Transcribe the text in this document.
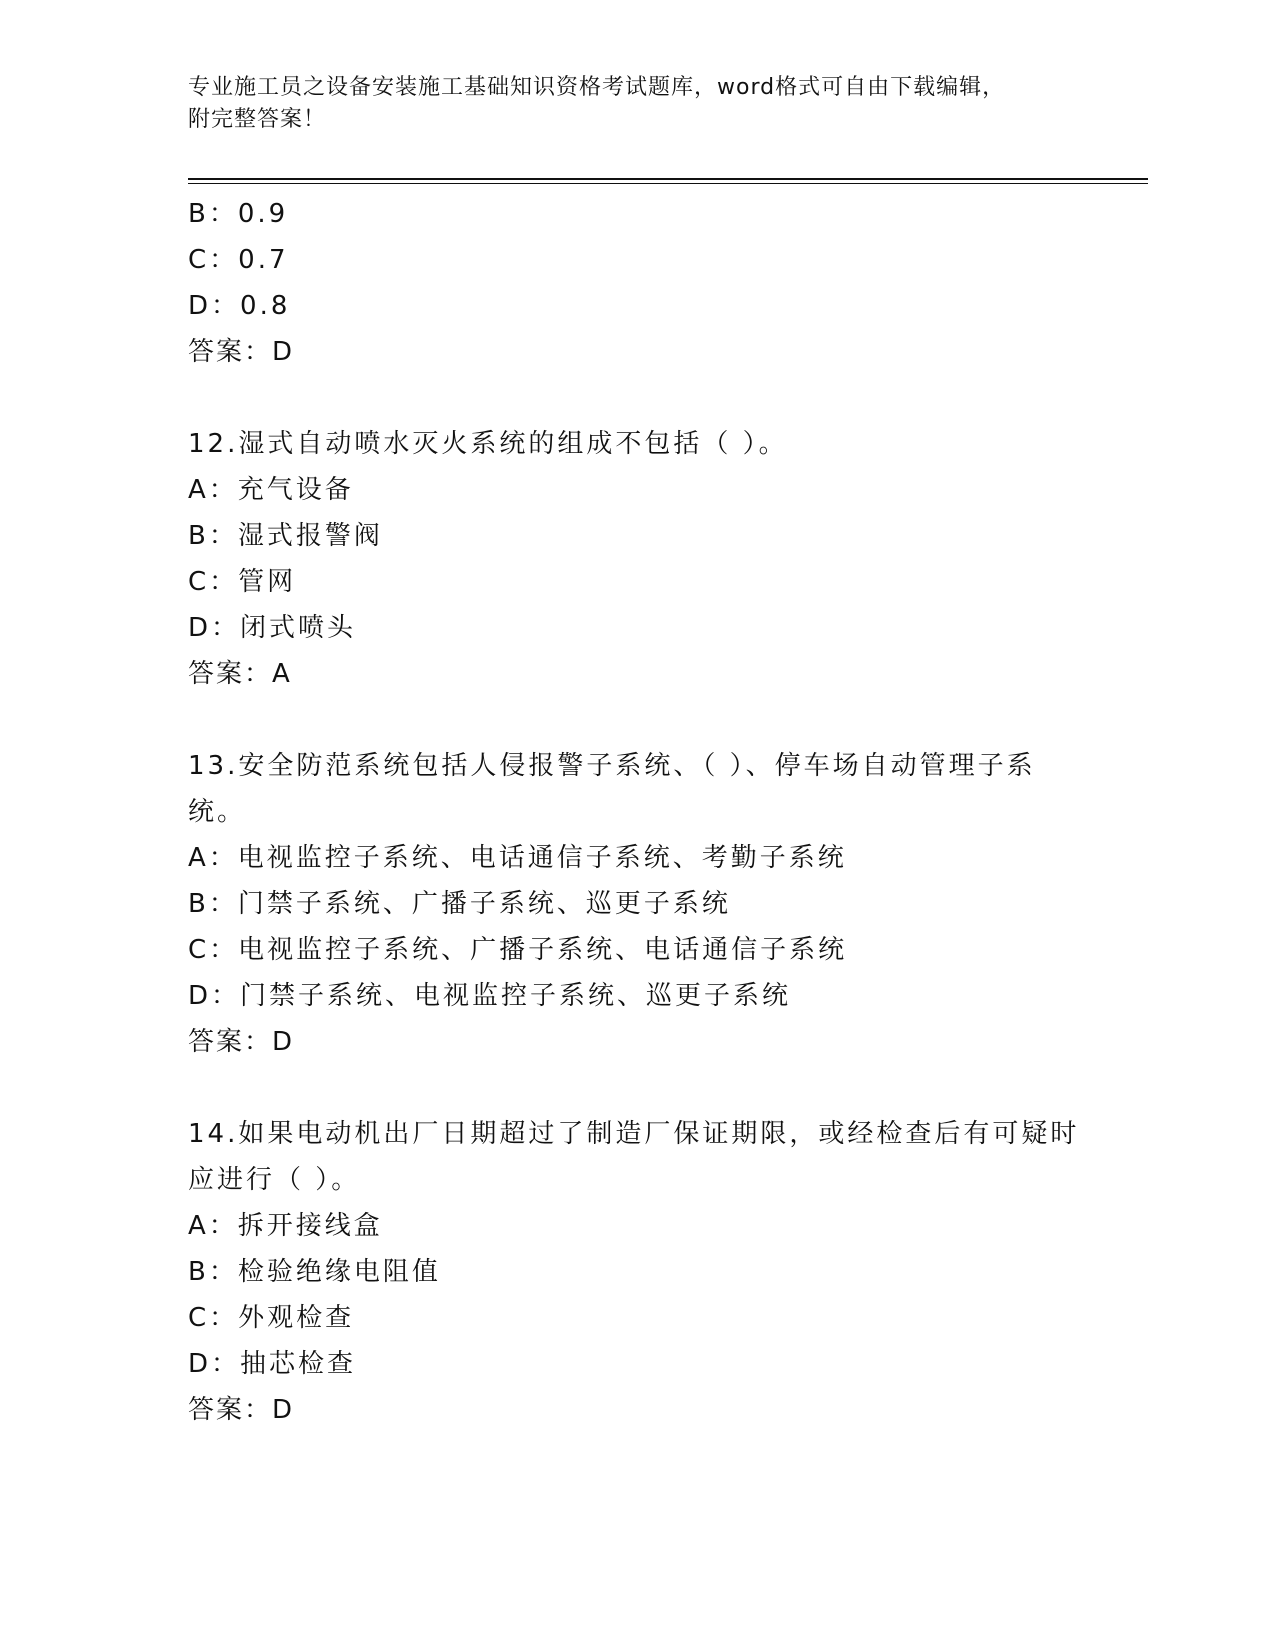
专业施工员之设备安装施工基础知识资格考试题库，word格式可自由下载编辑，
附完整答案！
B：0.9
C：0.7
D：0.8
答案：D
12.湿式自动喷水灭火系统的组成不包括（ ）。
A：充气设备
B：湿式报警阀
C：管网
D：闭式喷头
答案：A
13.安全防范系统包括人侵报警子系统、（ ）、停车场自动管理子系
统。
A：电视监控子系统、电话通信子系统、考勤子系统
B：门禁子系统、广播子系统、巡更子系统
C：电视监控子系统、广播子系统、电话通信子系统
D：门禁子系统、电视监控子系统、巡更子系统
答案：D
14.如果电动机出厂日期超过了制造厂保证期限，或经检查后有可疑时
应进行（ ）。
A：拆开接线盒
B：检验绝缘电阻值
C：外观检查
D：抽芯检查
答案：D
